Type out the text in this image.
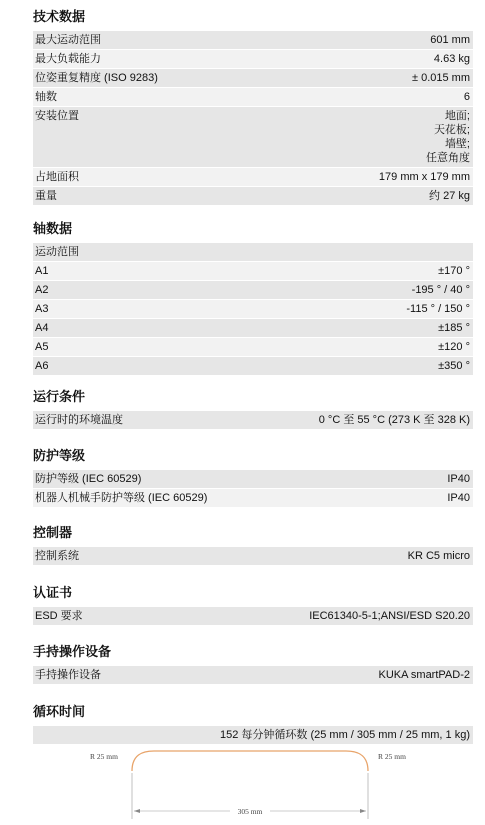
技术数据
最大运动范围	601 mm
最大负载能力	4.63 kg
位姿重复精度 (ISO 9283)	± 0.015 mm
轴数	6
安装位置	地面;
天花板;
墙壁;
任意角度
占地面积	179 mm x 179 mm
重量	约 27 kg
轴数据
运动范围
A1	±170 °
A2	-195 ° / 40 °
A3	-115 ° / 150 °
A4	±185 °
A5	±120 °
A6	±350 °
运行条件
运行时的环境温度	0 °C 至 55 °C (273 K 至 328 K)
防护等级
防护等级 (IEC 60529)	IP40
机器人机械手防护等级 (IEC 60529)	IP40
控制器
控制系统	KR C5 micro
认证书
ESD 要求	IEC61340-5-1;ANSI/ESD S20.20
手持操作设备
手持操作设备	KUKA smartPAD-2
循环时间
152 每分钟循环数 (25 mm / 305 mm / 25 mm, 1 kg)
R 25 mm	R 25 mm
305 mm
